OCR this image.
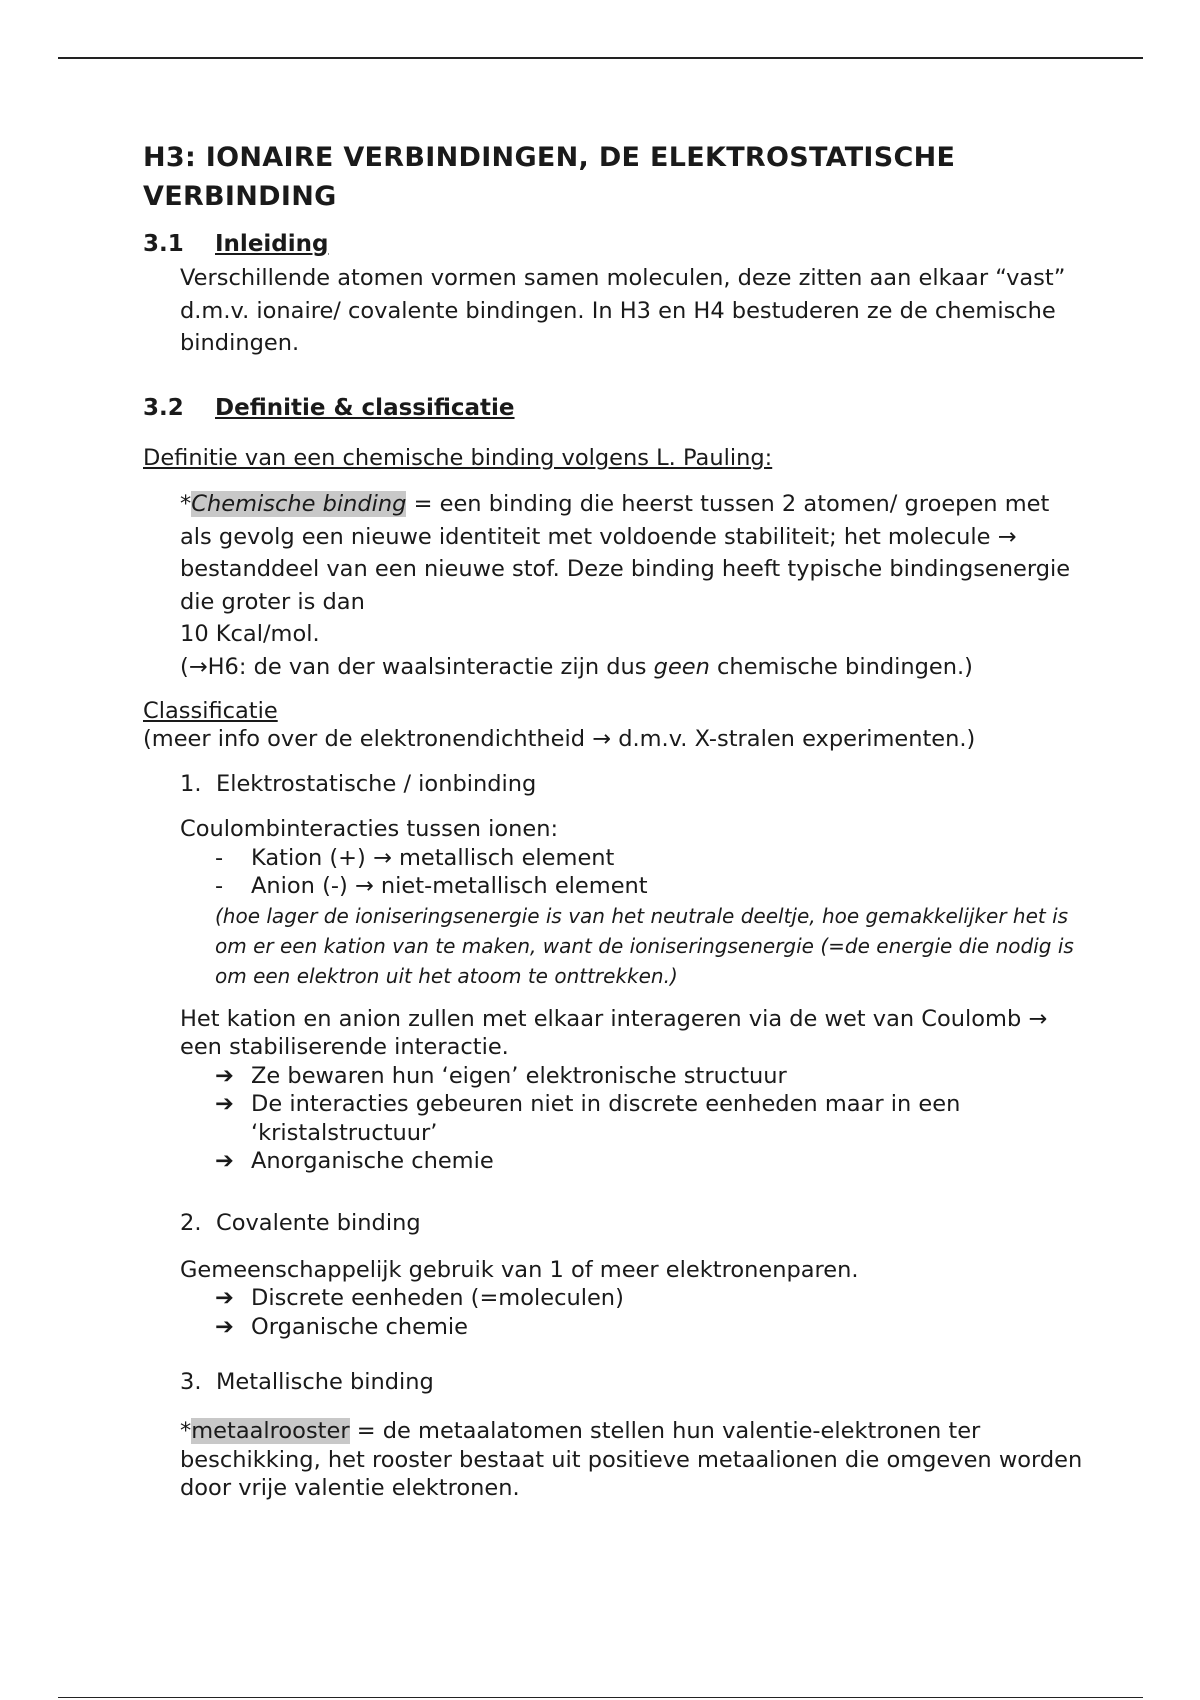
H3: IONAIRE VERBINDINGEN, DE ELEKTROSTATISCHE VERBINDING
3.1 Inleiding

Verschillende atomen vormen samen moleculen, deze zitten aan elkaar “vast” d.m.v. ionaire/ covalente bindingen. In H3 en H4 bestuderen ze de chemische bindingen.

3.2 Definitie & classificatie

Definitie van een chemische binding volgens L. Pauling:

*Chemische binding = een binding die heerst tussen 2 atomen/ groepen met als gevolg een nieuwe identiteit met voldoende stabiliteit; het molecule → bestanddeel van een nieuwe stof. Deze binding heeft typische bindingsenergie die groter is dan

10 Kcal/mol.

(→H6: de van der waalsinteractie zijn dus geen chemische bindingen.)

Classificatie

(meer info over de elektronendichtheid → d.m.v. X-stralen experimenten.)

1. Elektrostatische / ionbinding

Coulombinteracties tussen ionen:

- Kation (+) → metallisch element
- Anion (-) → niet-metallisch element

(hoe lager de ioniseringsenergie is van het neutrale deeltje, hoe gemakkelijker het is om er een kation van te maken, want de ioniseringsenergie (=de energie die nodig is om een elektron uit het atoom te onttrekken.)

Het kation en anion zullen met elkaar interageren via de wet van Coulomb → een stabiliserende interactie.

➔ Ze bewaren hun ‘eigen’ elektronische structuur
➔ De interacties gebeuren niet in discrete eenheden maar in een ‘kristalstructuur’
➔ Anorganische chemie
2. Covalente binding

Gemeenschappelijk gebruik van 1 of meer elektronenparen.

➔ Discrete eenheden (=moleculen)
➔ Organische chemie
3. Metallische binding

*metaalrooster = de metaalatomen stellen hun valentie-elektronen ter beschikking, het rooster bestaat uit positieve metaalionen die omgeven worden door vrije valentie elektronen.
